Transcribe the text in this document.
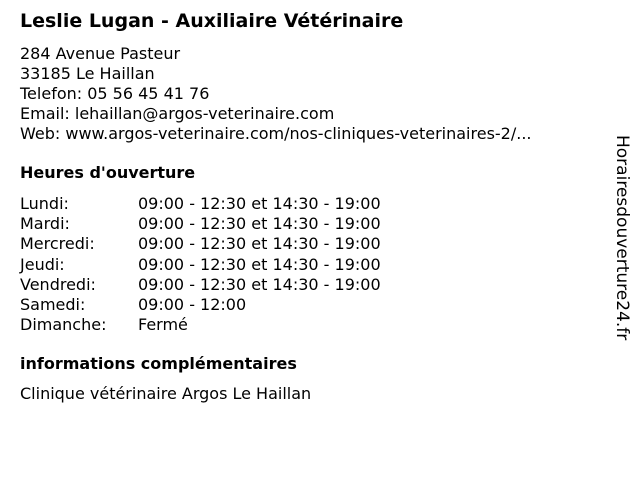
Leslie Lugan - Auxiliaire Vétérinaire
284 Avenue Pasteur
33185 Le Haillan
Telefon: 05 56 45 41 76
Email: lehaillan@argos-veterinaire.com
Web: www.argos-veterinaire.com/nos-cliniques-veterinaires-2/...
Heures d'ouverture
Lundi:	09:00 - 12:30 et 14:30 - 19:00
Mardi:	09:00 - 12:30 et 14:30 - 19:00
Mercredi:	09:00 - 12:30 et 14:30 - 19:00
Jeudi:	09:00 - 12:30 et 14:30 - 19:00
Vendredi:	09:00 - 12:30 et 14:30 - 19:00
Samedi:	09:00 - 12:00
Dimanche:	Fermé
informations complémentaires
Clinique vétérinaire Argos Le Haillan
Horairesdouverture24.fr
